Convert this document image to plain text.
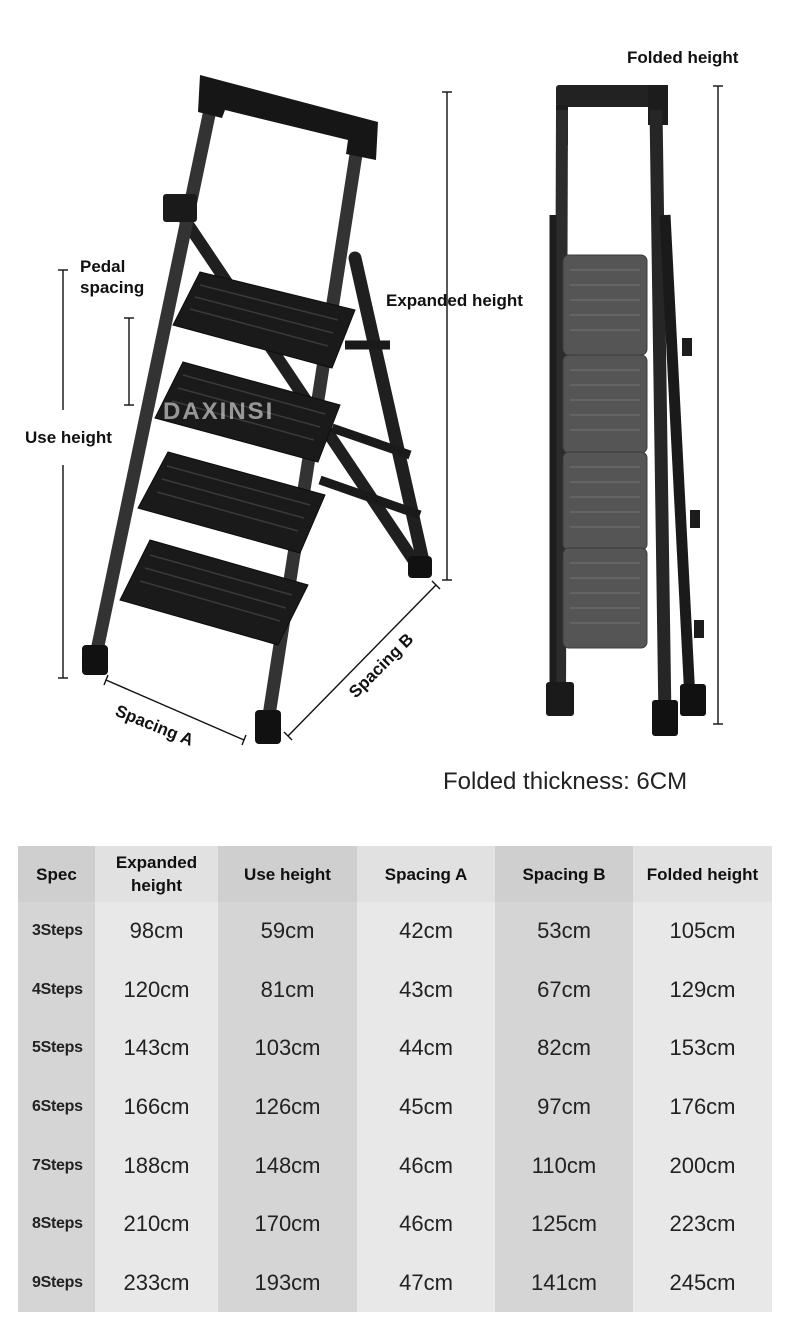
DAXINSI
Folded height
Pedal
spacing
Expanded height
Use height
Spacing A
Spacing B
Folded thickness: 6CM
Spec	Expanded height	Use height	Spacing A	Spacing B	Folded height
3Steps	98cm	59cm	42cm	53cm	105cm
4Steps	120cm	81cm	43cm	67cm	129cm
5Steps	143cm	103cm	44cm	82cm	153cm
6Steps	166cm	126cm	45cm	97cm	176cm
7Steps	188cm	148cm	46cm	110cm	200cm
8Steps	210cm	170cm	46cm	125cm	223cm
9Steps	233cm	193cm	47cm	141cm	245cm
